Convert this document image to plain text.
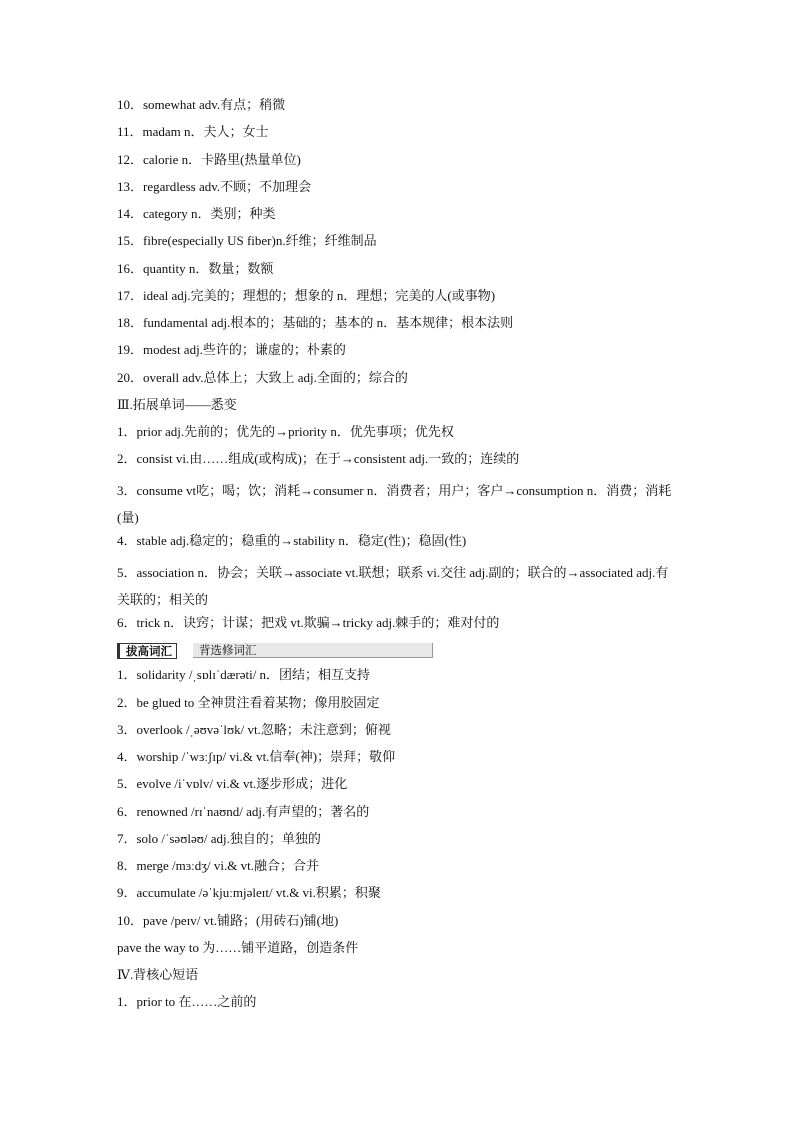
10．somewhat adv.有点；稍微
11．madam n．夫人；女士
12．calorie n．卡路里(热量单位)
13．regardless adv.不顾；不加理会
14．category n．类别；种类
15．fibre(especially US fiber)n.纤维；纤维制品
16．quantity n．数量；数额
17．ideal adj.完美的；理想的；想象的 n．理想；完美的人(或事物)
18．fundamental adj.根本的；基础的；基本的 n．基本规律；根本法则
19．modest adj.些许的；谦虚的；朴素的
20．overall adv.总体上；大致上 adj.全面的；综合的
Ⅲ.拓展单词——悉变
1．prior adj.先前的；优先的→priority n．优先事项；优先权
2．consist vi.由……组成(或构成)；在于→consistent adj.一致的；连续的
3．consume vt吃；喝；饮；消耗→consumer n．消费者；用户；客户→consumption n．消费；消耗(量)
4．stable adj.稳定的；稳重的→stability n．稳定(性)；稳固(性)
5．association n．协会；关联→associate vt.联想；联系 vi.交往 adj.副的；联合的→associated adj.有关联的；相关的
6．trick n．诀窍；计谋；把戏 vt.欺骗→tricky adj.棘手的；难对付的
拔高词汇	背选修词汇
1．solidarity /ˌsɒlɪˈdærəti/ n．团结；相互支持
2．be glued to 全神贯注看着某物；像用胶固定
3．overlook /ˌəʊvəˈlʊk/ vt.忽略；未注意到；俯视
4．worship /ˈwɜːʃɪp/ vi.& vt.信奉(神)；崇拜；敬仰
5．evolve /iˈvɒlv/ vi.& vt.逐步形成；进化
6．renowned /rɪˈnaʊnd/ adj.有声望的；著名的
7．solo /ˈsəʊləʊ/ adj.独自的；单独的
8．merge /mɜːdʒ/ vi.& vt.融合；合并
9．accumulate /əˈkjuːmjəleɪt/ vt.& vi.积累；积聚
10．pave /peɪv/ vt.铺路；(用砖石)铺(地)
pave the way to 为……铺平道路，创造条件
Ⅳ.背核心短语
1．prior to 在……之前的
